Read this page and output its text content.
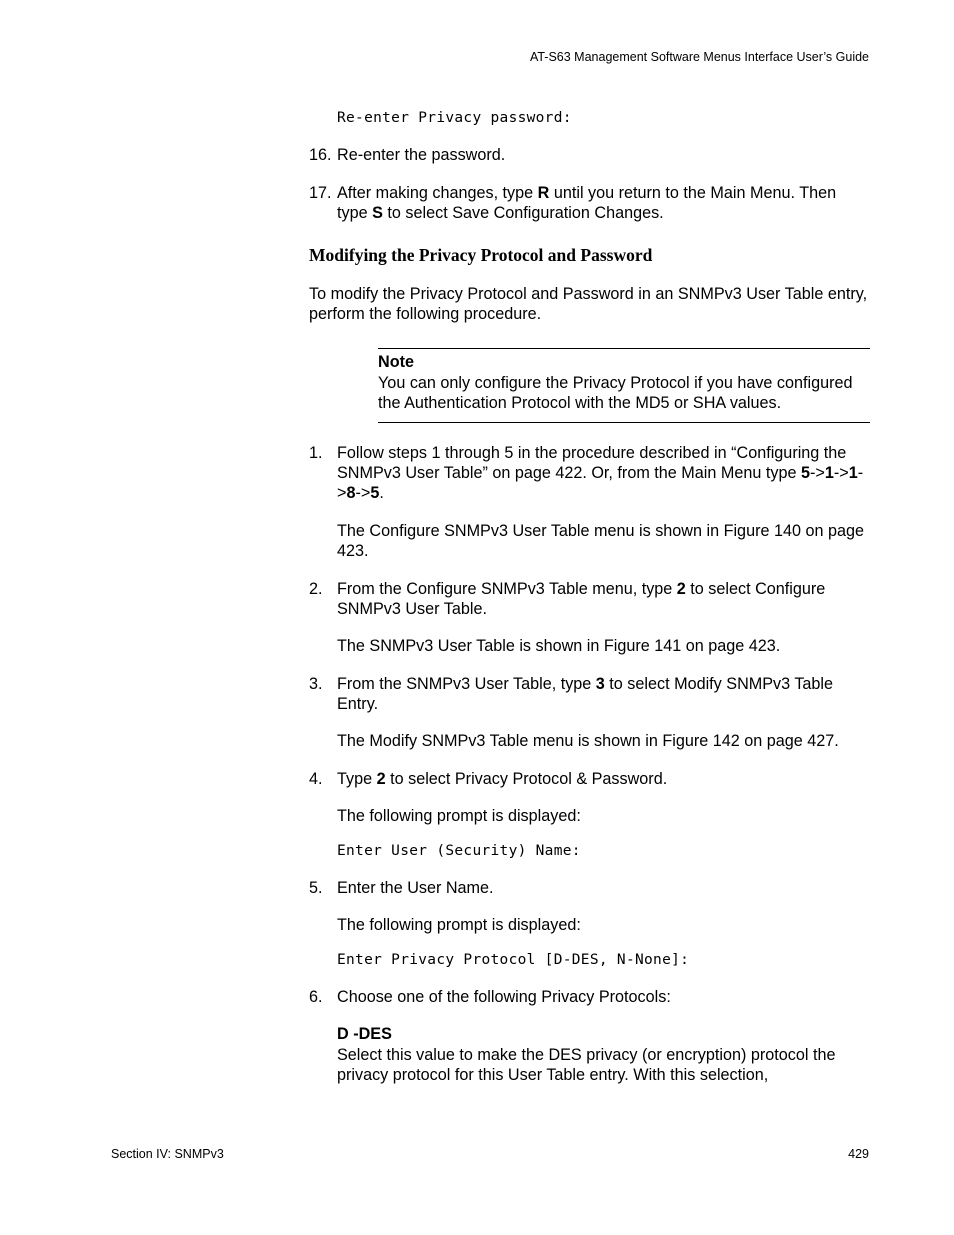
AT-S63 Management Software Menus Interface User’s Guide
Re-enter Privacy password:
16. Re-enter the password.
17. After making changes, type R until you return to the Main Menu. Then type S to select Save Configuration Changes.
Modifying the Privacy Protocol and Password
To modify the Privacy Protocol and Password in an SNMPv3 User Table entry, perform the following procedure.
Note
You can only configure the Privacy Protocol if you have configured the Authentication Protocol with the MD5 or SHA values.
1. Follow steps 1 through 5 in the procedure described in “Configuring the SNMPv3 User Table” on page 422. Or, from the Main Menu type 5->1->1->8->5.
The Configure SNMPv3 User Table menu is shown in Figure 140 on page 423.
2. From the Configure SNMPv3 Table menu, type 2 to select Configure SNMPv3 User Table.
The SNMPv3 User Table is shown in Figure 141 on page 423.
3. From the SNMPv3 User Table, type 3 to select Modify SNMPv3 Table Entry.
The Modify SNMPv3 Table menu is shown in Figure 142 on page 427.
4. Type 2 to select Privacy Protocol & Password.
The following prompt is displayed:
Enter User (Security) Name:
5. Enter the User Name.
The following prompt is displayed:
Enter Privacy Protocol [D-DES, N-None]:
6. Choose one of the following Privacy Protocols:
D -DES
Select this value to make the DES privacy (or encryption) protocol the privacy protocol for this User Table entry. With this selection,
Section IV: SNMPv3	429
